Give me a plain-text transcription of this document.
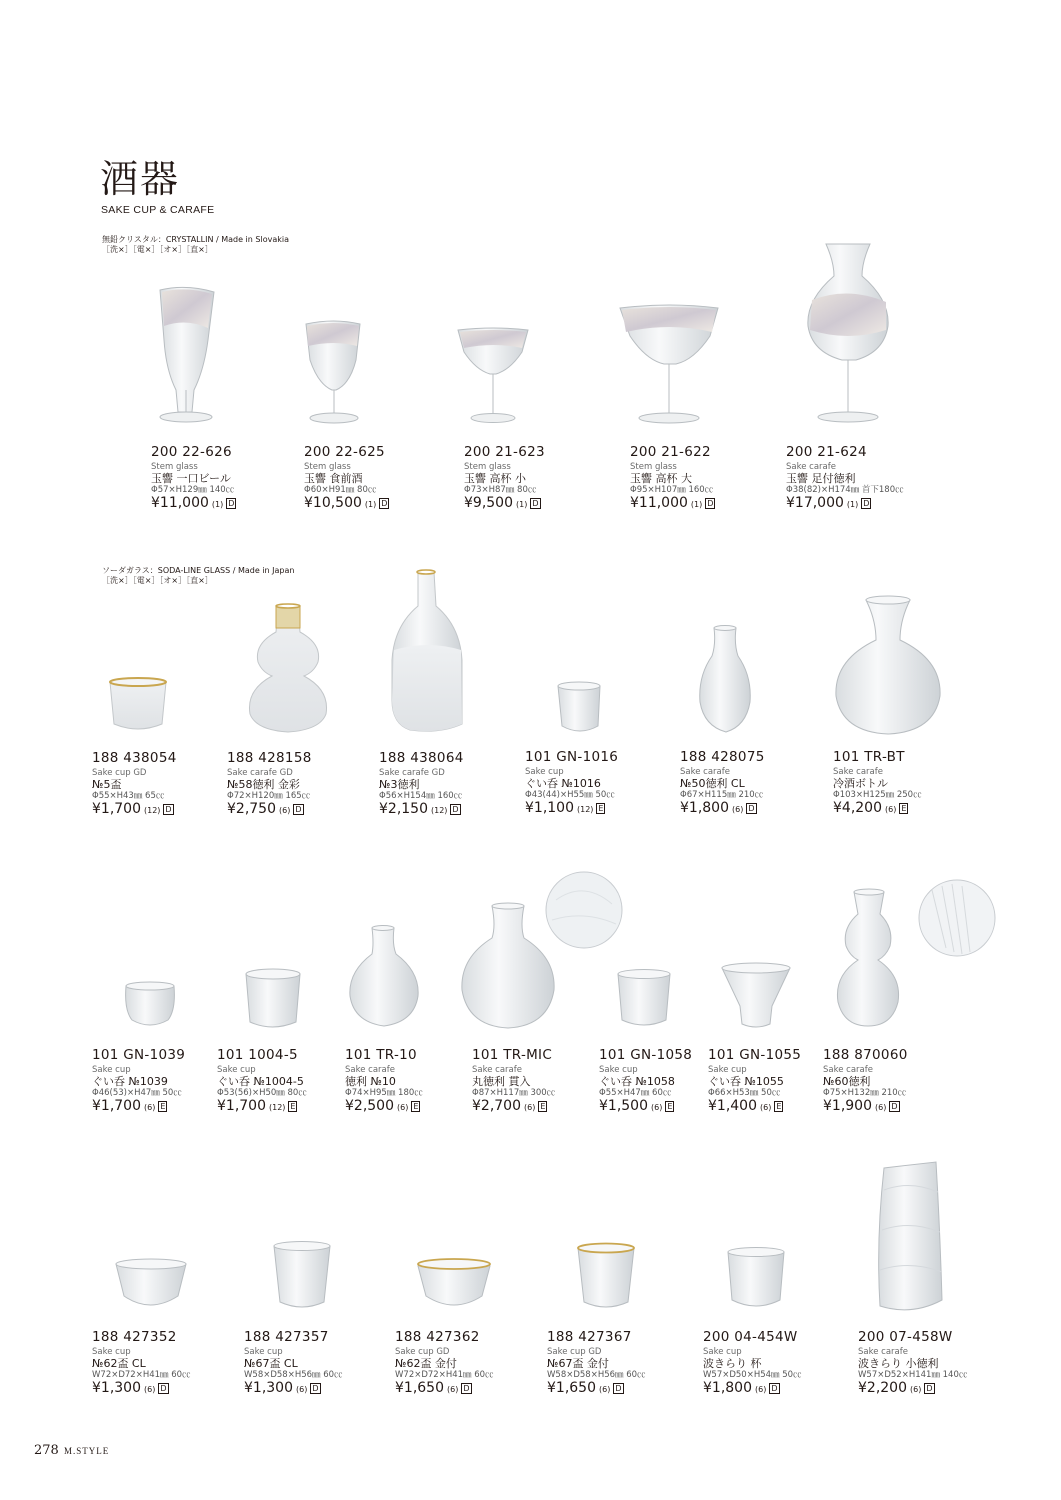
酒器
SAKE CUP & CARAFE
無鉛クリスタル：CRYSTALLIN / Made in Slovakia
［洗×］［電×］［オ×］［直×］
ソーダガラス：SODA-LINE GLASS / Made in Japan
［洗×］［電×］［オ×］［直×］
200 22-626
Stem glass
玉響 一口ビール
Φ57×H129㎜ 140㏄
¥11,000 (1) D
200 22-625
Stem glass
玉響 食前酒
Φ60×H91㎜ 80㏄
¥10,500 (1) D
200 21-623
Stem glass
玉響 高杯 小
Φ73×H87㎜ 80㏄
¥9,500 (1) D
200 21-622
Stem glass
玉響 高杯 大
Φ95×H107㎜ 160㏄
¥11,000 (1) D
200 21-624
Sake carafe
玉響 足付徳利
Φ38(82)×H174㎜ 首下180㏄
¥17,000 (1) D
188 438054
Sake cup GD
№5盃
Φ55×H43㎜ 65㏄
¥1,700 (12) D
188 428158
Sake carafe GD
№58徳利 金彩
Φ72×H120㎜ 165㏄
¥2,750 (6) D
188 438064
Sake carafe GD
№3徳利
Φ56×H154㎜ 160㏄
¥2,150 (12) D
101 GN-1016
Sake cup
ぐい呑 №1016
Φ43(44)×H55㎜ 50㏄
¥1,100 (12) E
188 428075
Sake carafe
№50徳利 CL
Φ67×H115㎜ 210㏄
¥1,800 (6) D
101 TR-BT
Sake carafe
冷酒ボトル
Φ103×H125㎜ 250㏄
¥4,200 (6) E
101 GN-1039
Sake cup
ぐい呑 №1039
Φ46(53)×H47㎜ 50㏄
¥1,700 (6) E
101 1004-5
Sake cup
ぐい呑 №1004-5
Φ53(56)×H50㎜ 80㏄
¥1,700 (12) E
101 TR-10
Sake carafe
徳利 №10
Φ74×H95㎜ 180㏄
¥2,500 (6) E
101 TR-MIC
Sake carafe
丸徳利 貫入
Φ87×H117㎜ 300㏄
¥2,700 (6) E
101 GN-1058
Sake cup
ぐい呑 №1058
Φ55×H47㎜ 60㏄
¥1,500 (6) E
101 GN-1055
Sake cup
ぐい呑 №1055
Φ66×H53㎜ 50㏄
¥1,400 (6) E
188 870060
Sake carafe
№60徳利
Φ75×H132㎜ 210㏄
¥1,900 (6) D
188 427352
Sake cup
№62盃 CL
W72×D72×H41㎜ 60㏄
¥1,300 (6) D
188 427357
Sake cup
№67盃 CL
W58×D58×H56㎜ 60㏄
¥1,300 (6) D
188 427362
Sake cup GD
№62盃 金付
W72×D72×H41㎜ 60㏄
¥1,650 (6) D
188 427367
Sake cup GD
№67盃 金付
W58×D58×H56㎜ 60㏄
¥1,650 (6) D
200 04-454W
Sake cup
波きらり 杯
W57×D50×H54㎜ 50㏄
¥1,800 (6) D
200 07-458W
Sake carafe
波きらり 小徳利
W57×D52×H141㎜ 140㏄
¥2,200 (6) D
278 M.STYLE
